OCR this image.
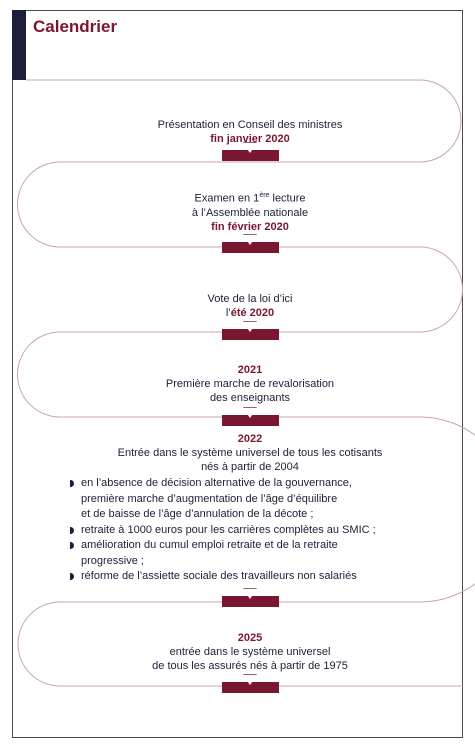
Calendrier
Présentation en Conseil des ministres
fin janvier 2020
Examen en 1ère lecture
à l’Assemblée nationale
fin février 2020
Vote de la loi d’ici
l’été 2020
2021
Première marche de revalorisation
des enseignants
2022
Entrée dans le système universel de tous les cotisants
nés à partir de 2004
en l’absence de décision alternative de la gouvernance,
première marche d’augmentation de l’âge d’équilibre
et de baisse de l’âge d’annulation de la décote ;
retraite à 1000 euros pour les carrières complètes au SMIC ;
amélioration du cumul emploi retraite et de la retraite
progressive ;
réforme de l’assiette sociale des travailleurs non salariés
2025
entrée dans le système universel
de tous les assurés nés à partir de 1975
